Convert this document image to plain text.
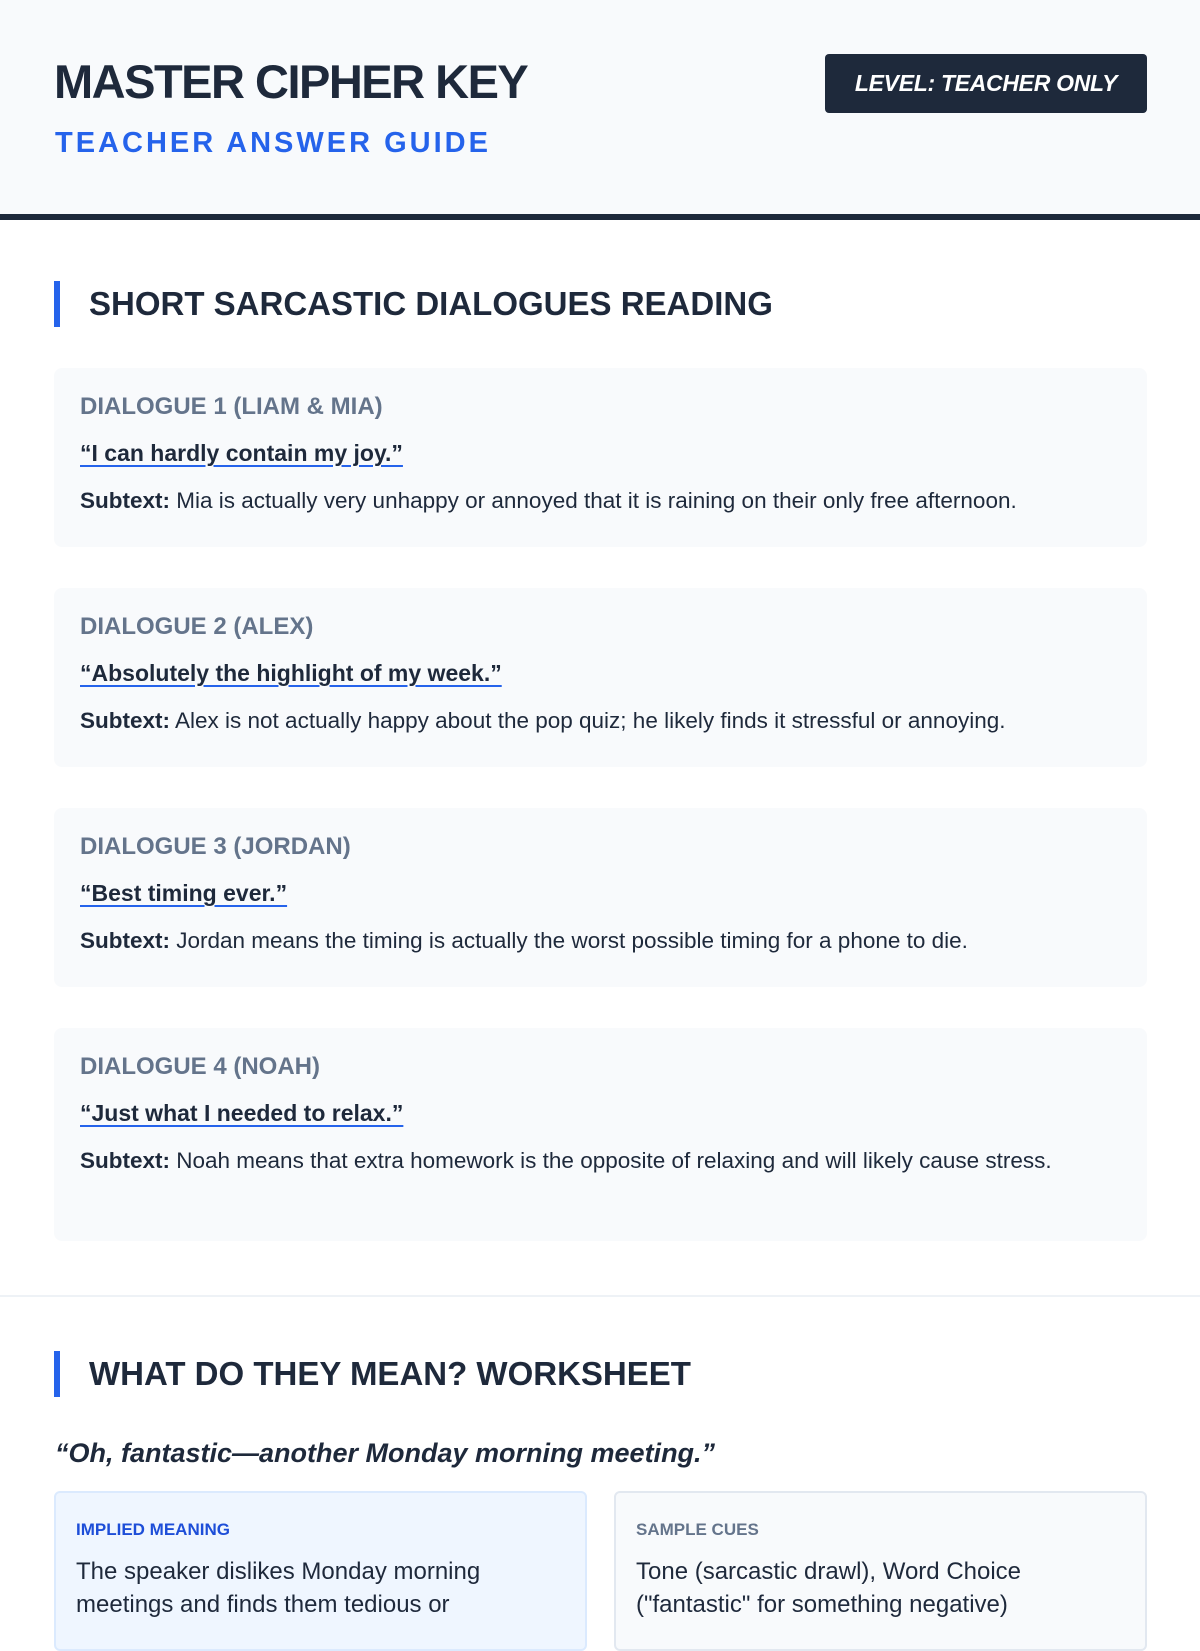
MASTER CIPHER KEY
TEACHER ANSWER GUIDE
LEVEL: TEACHER ONLY
SHORT SARCASTIC DIALOGUES READING

DIALOGUE 1 (LIAM & MIA)

“I can hardly contain my joy.”

Subtext: Mia is actually very unhappy or annoyed that it is raining on their only free afternoon.

DIALOGUE 2 (ALEX)

“Absolutely the highlight of my week.”

Subtext: Alex is not actually happy about the pop quiz; he likely finds it stressful or annoying.

DIALOGUE 3 (JORDAN)

“Best timing ever.”

Subtext: Jordan means the timing is actually the worst possible timing for a phone to die.

DIALOGUE 4 (NOAH)

“Just what I needed to relax.”

Subtext: Noah means that extra homework is the opposite of relaxing and will likely cause stress.

WHAT DO THEY MEAN? WORKSHEET

“Oh, fantastic—another Monday morning meeting.”

IMPLIED MEANING

The speaker dislikes Monday morning meetings and finds them tedious or

SAMPLE CUES

Tone (sarcastic drawl), Word Choice ("fantastic" for something negative)
